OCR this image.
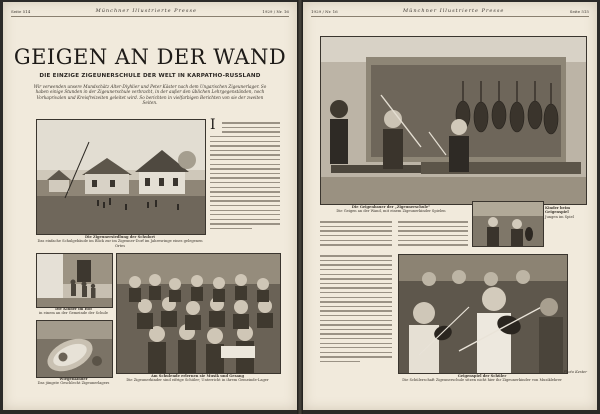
Seite 514	Münchner Illustrierte Presse	1929 / Nr. 16
GEIGEN AN DER WAND
DIE EINZIGE ZIGEUNERSCHULE DER WELT IN KARPATHO-RUSSLAND
Wir verwenden unsere Mundschätz Alter-Diyhlier und Peter Käster nach dem Ungarischen Zigeunerlager. So haben einige Stunden in der Zigeunerschule verbracht, in der außer den üblichen Lehrgegenständen, noch Vorkaprivalen und Kreisfreizeiten geleitet wird. So berichten in vielfarbigen Berichten von sie der zweiten Seiten.
Die Zigeunersiedlung der Schulort
Das einfache Schulgebäude im Blick zur im Zigeuner-Dorf im Jahresringe eines gelegenen Ortes
I
Die Kinder im Hof
in einem an der Gemeinde der Schule
Wiegenkinder
Das jüngste Geschlecht Zigeunerlagers
Am Schulende erlernen sie Musik und Gesang
Die Zigeunerkinder sind eifrige Schüler; Unterricht in ihrem Gemeinde-Lager
1929 / Nr. 16	Münchner Illustrierte Presse	Seite 515
Die Geigenbauer der „Zigeunerschule“
Die Geigen an der Wand, mit einem Zigeunerkinder Spielen
Kinder beim Geigenspiel
Jungen im Spiel
Geigenspiel der Schüler
Die Schülerschaft Zigeunerschule sitzen nicht hier ihr Zigeunerkinder von Musiklehrer
Photo Kester
